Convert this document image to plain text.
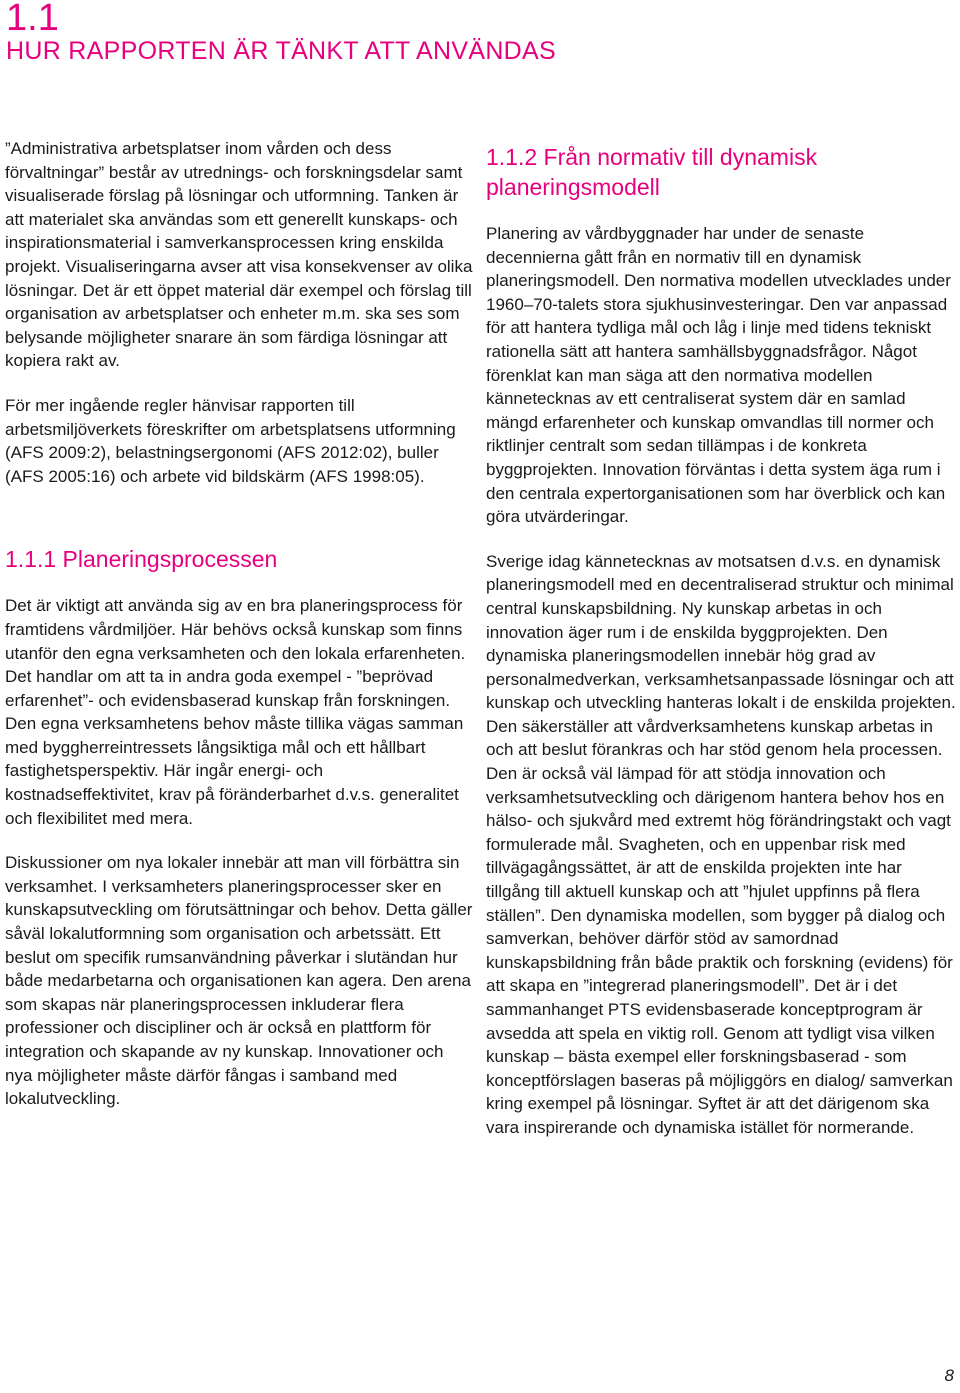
1.1
HUR RAPPORTEN ÄR TÄNKT ATT ANVÄNDAS

”Administrativa arbetsplatser inom vården och dess förvaltningar” består av utrednings- och forskningsdelar samt visualiserade förslag på lösningar och utformning. Tanken är att materialet ska användas som ett generellt kunskaps- och inspirationsmaterial i samverkansprocessen kring enskilda projekt. Visualiseringarna avser att visa konsekvenser av olika lösningar. Det är ett öppet material där exempel och förslag till organisation av arbetsplatser och enheter m.m. ska ses som belysande möjligheter snarare än som färdiga lösningar att kopiera rakt av.

För mer ingående regler hänvisar rapporten till arbetsmiljöverkets föreskrifter om arbetsplatsens utformning (AFS 2009:2), belastningsergonomi (AFS 2012:02), buller (AFS 2005:16) och arbete vid bildskärm (AFS 1998:05).

1.1.1 Planeringsprocessen

Det är viktigt att använda sig av en bra planeringsprocess för framtidens vårdmiljöer. Här behövs också kunskap som finns utanför den egna verksamheten och den lokala erfarenheten. Det handlar om att ta in andra goda exempel - ”beprövad erfarenhet”- och evidensbaserad kunskap från forskningen. Den egna verksamhetens behov måste tillika vägas samman med byggherreintressets långsiktiga mål och ett hållbart fastighetsperspektiv. Här ingår energi- och kostnadseffektivitet, krav på föränderbarhet d.v.s. generalitet och flexibilitet med mera.

Diskussioner om nya lokaler innebär att man vill förbättra sin verksamhet. I verksamheters planeringsprocesser sker en kunskapsutveckling om förutsättningar och behov. Detta gäller såväl lokalutformning som organisation och arbetssätt. Ett beslut om specifik rumsanvändning påverkar i slutändan hur både medarbetarna och organisationen kan agera. Den arena som skapas när planeringsprocessen inkluderar flera professioner och discipliner och är också en plattform för integration och skapande av ny kunskap. Innovationer och nya möjligheter måste därför fångas i samband med lokalutveckling.

1.1.2 Från normativ till dynamisk planeringsmodell

Planering av vårdbyggnader har under de senaste decennierna gått från en normativ till en dynamisk planeringsmodell. Den normativa modellen utvecklades under 1960–70-talets stora sjukhusinvesteringar. Den var anpassad för att hantera tydliga mål och låg i linje med tidens tekniskt rationella sätt att hantera samhällsbyggnadsfrågor. Något förenklat kan man säga att den normativa modellen kännetecknas av ett centraliserat system där en samlad mängd erfarenheter och kunskap omvandlas till normer och riktlinjer centralt som sedan tillämpas i de konkreta byggprojekten. Innovation förväntas i detta system äga rum i den centrala expertorganisationen som har överblick och kan göra utvärderingar.

Sverige idag kännetecknas av motsatsen d.v.s. en dynamisk planeringsmodell med en decentraliserad struktur och minimal central kunskapsbildning. Ny kunskap arbetas in och innovation äger rum i de enskilda byggprojekten. Den dynamiska planeringsmodellen innebär hög grad av personalmedverkan, verksamhetsanpassade lösningar och att kunskap och utveckling hanteras lokalt i de enskilda projekten. Den säkerställer att vårdverksamhetens kunskap arbetas in och att beslut förankras och har stöd genom hela processen. Den är också väl lämpad för att stödja innovation och verksamhetsutveckling och därigenom hantera behov hos en hälso- och sjukvård med extremt hög förändringstakt och vagt formulerade mål. Svagheten, och en uppenbar risk med tillvägagångssättet, är att de enskilda projekten inte har tillgång till aktuell kunskap och att ”hjulet uppfinns på flera ställen”. Den dynamiska modellen, som bygger på dialog och samverkan, behöver därför stöd av samordnad kunskapsbildning från både praktik och forskning (evidens) för att skapa en ”integrerad planeringsmodell”. Det är i det sammanhanget PTS evidensbaserade konceptprogram är avsedda att spela en viktig roll. Genom att tydligt visa vilken kunskap – bästa exempel eller forskningsbaserad - som konceptförslagen baseras på möjliggörs en dialog/ samverkan kring exempel på lösningar. Syftet är att det därigenom ska vara inspirerande och dynamiska istället för normerande.

8
